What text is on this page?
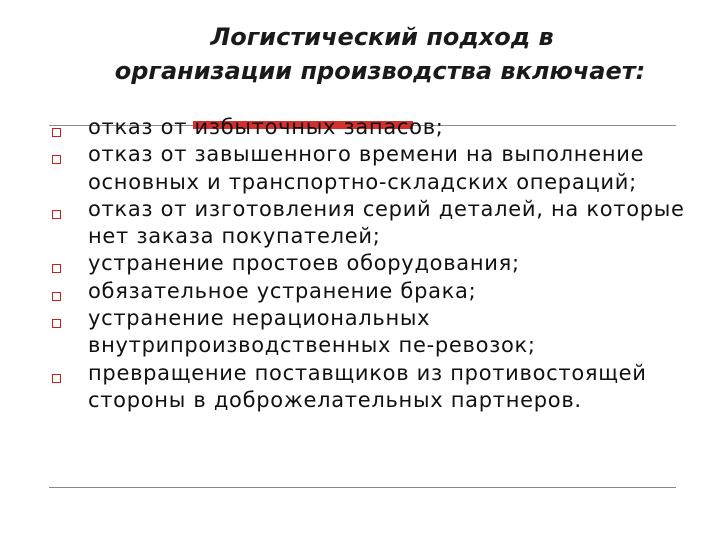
Логистический подход в
организации производства включает:
отказ от избыточных запасов;
отказ от завышенного времени на выполнение основных и транспортно-складских операций;
отказ от изготовления серий деталей, на которые нет заказа покупателей;
устранение простоев оборудования;
обязательное устранение брака;
устранение нерациональных внутрипроизводственных пе-ревозок;
превращение поставщиков из противостоящей стороны в доброжелательных партнеров.
